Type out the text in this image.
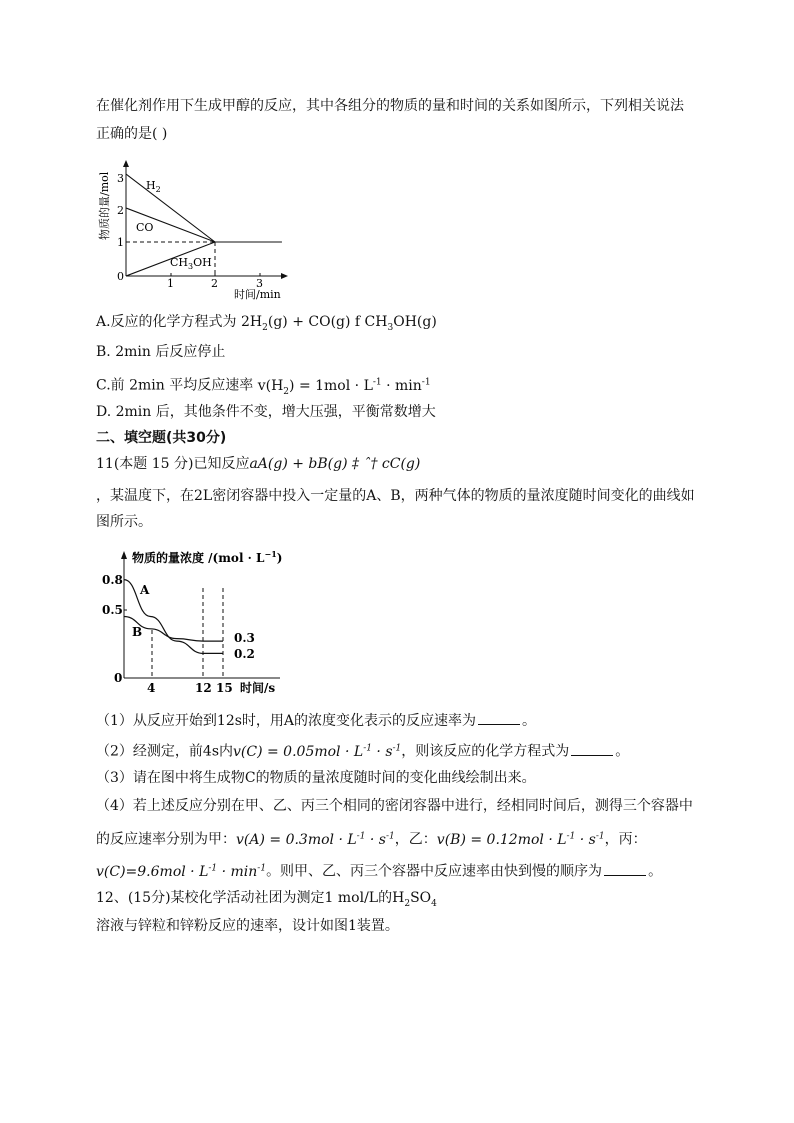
在催化剂作用下生成甲醇的反应，其中各组分的物质的量和时间的关系如图所示，下列相关说法
正确的是( )
物质的量/mol 3
2
1
0
1	2	3
$H_2$
CO
$CH_3OH$
时间/min
A.反应的化学方程式为 $2H_2(g) + CO(g)$ f $CH_3OH(g)$
B. 2min 后反应停止
C.前 2min 平均反应速率 $v(H_2) = 1mol \cdot L^{-1} \cdot \min^{-1}$
D. 2min 后，其他条件不变，增大压强，平衡常数增大
二、填空题(共30分)
11(本题 15 分)已知反应aA(g) + bB(g) ‡ ˆ† cC(g)
，某温度下，在2L密闭容器中投入一定量的A、B，两种气体的物质的量浓度随时间变化的曲线如
图所示。
物质的量浓度 $/(mol \cdot L^{-1})$
0.8
0.5
0
4	12 15 时间/s
A
B	0.3
0.2
（1）从反应开始到12s时，用A的浓度变化表示的反应速率为	。
（2）经测定，前4s内$v(C) = 0.05mol \cdot L^{-1} \cdot s^{-1}$，则该反应的化学方程式为	。
（3）请在图中将生成物C的物质的量浓度随时间的变化曲线绘制出来。
（4）若上述反应分别在甲、乙、丙三个相同的密闭容器中进行，经相同时间后，测得三个容器中
的反应速率分别为甲：$v(A) = 0.3mol \cdot L^{-1} \cdot s^{-1}$，乙：$v(B) = 0.12mol \cdot L^{-1} \cdot s^{-1}$，丙：
$v(C)=9.6mol \cdot L^{-1} \cdot \min^{-1}$。则甲、乙、丙三个容器中反应速率由快到慢的顺序为	。
12、(15分)某校化学活动社团为测定1 mol/L的$H_2SO_4$
溶液与锌粒和锌粉反应的速率，设计如图1装置。
